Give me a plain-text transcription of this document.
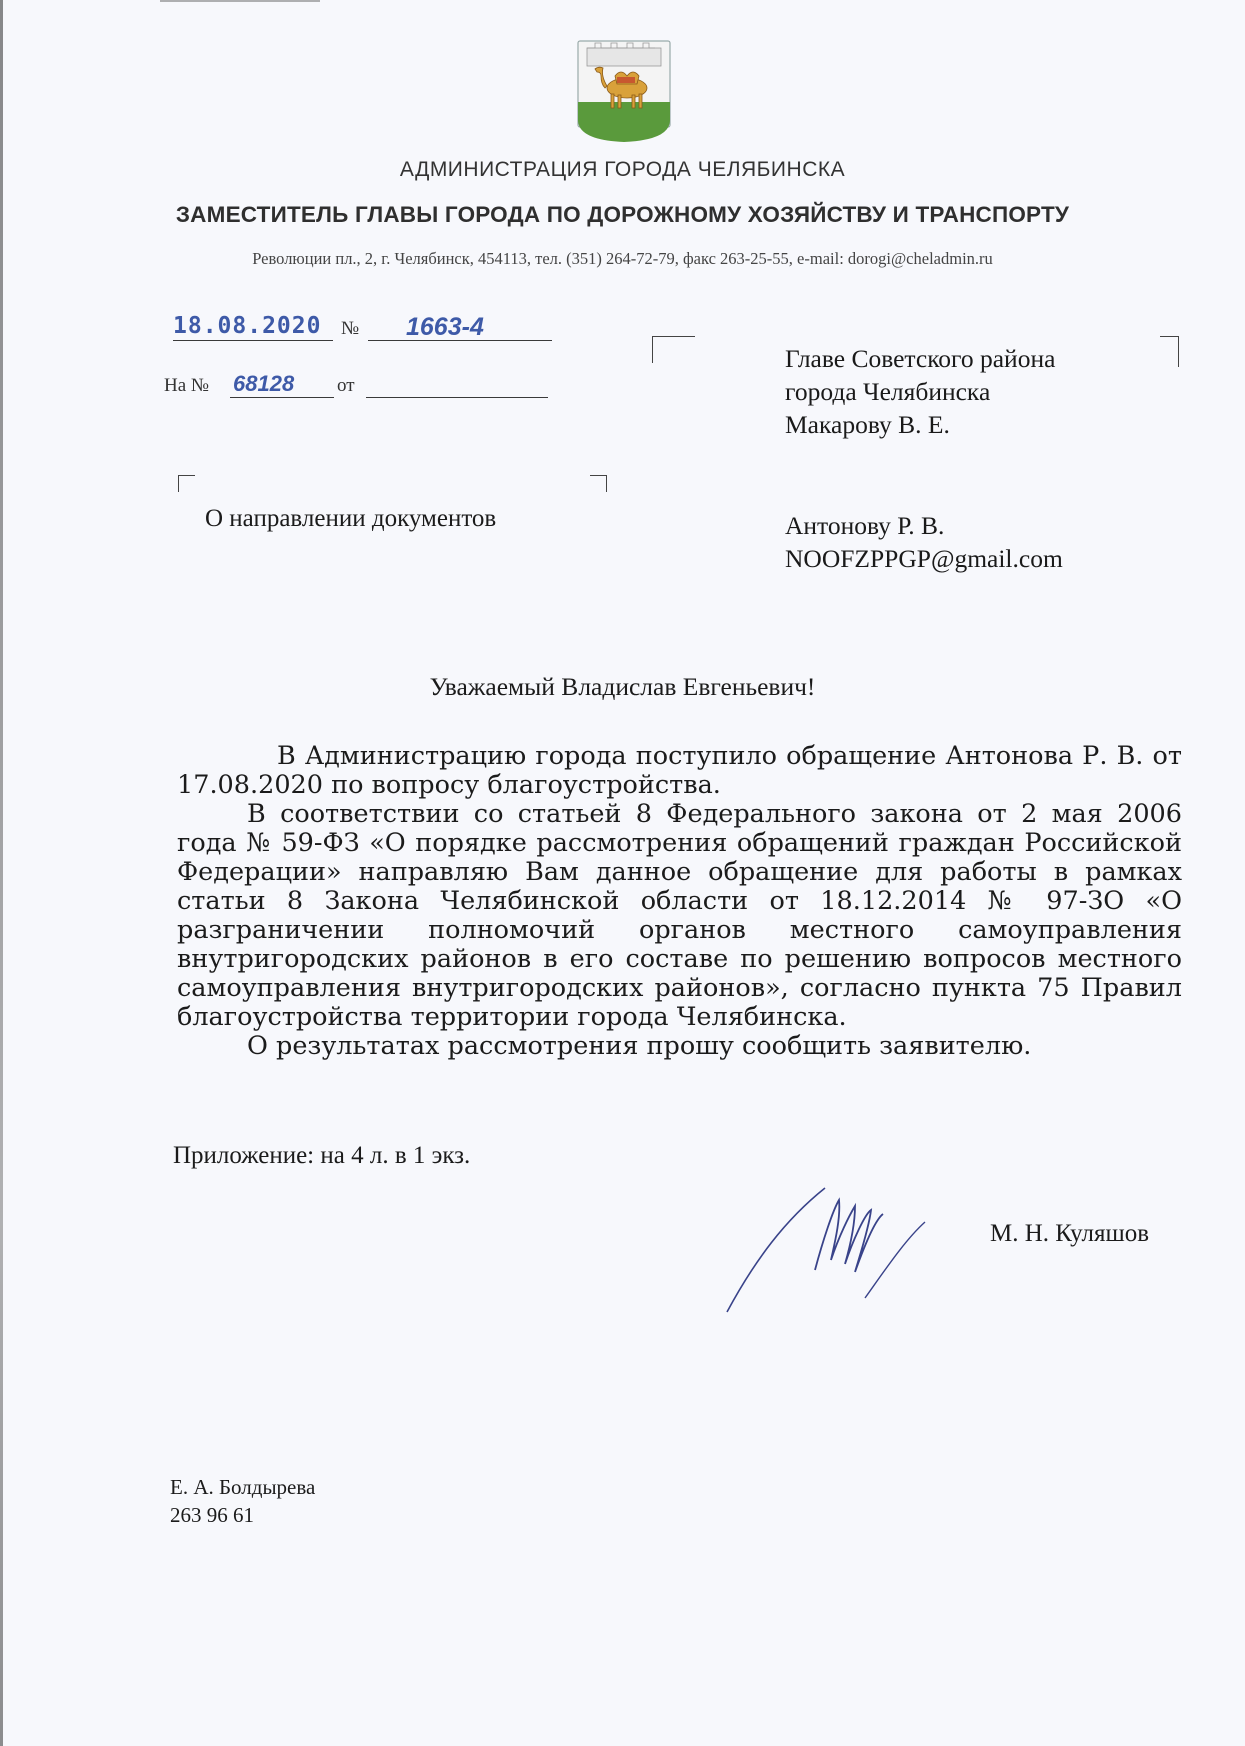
АДМИНИСТРАЦИЯ ГОРОДА ЧЕЛЯБИНСКА
ЗАМЕСТИТЕЛЬ ГЛАВЫ ГОРОДА ПО ДОРОЖНОМУ ХОЗЯЙСТВУ И ТРАНСПОРТУ
Революции пл., 2, г. Челябинск, 454113, тел. (351) 264-72-79, факс 263-25-55, e-mail: dorogi@cheladmin.ru
18.08.2020 № 1663-4
На № 68128 от
Главе Советского района
города Челябинска
Макарову В. Е.
О направлении документов	Антонову Р. В.
NOOFZPPGP@gmail.com
Уважаемый Владислав Евгеньевич!

В Администрацию города поступило обращение Антонова Р. В. от 17.08.2020 по вопросу благоустройства.

В соответствии со статьей 8 Федерального закона от 2 мая 2006 года № 59-ФЗ «О порядке рассмотрения обращений граждан Российской Федерации» направляю Вам данное обращение для работы в рамках статьи 8 Закона Челябинской области от 18.12.2014 № 97-ЗО «О разграничении полномочий органов местного самоуправления внутригородских районов в его составе по решению вопросов местного самоуправления внутригородских районов», согласно пункта 75 Правил благоустройства территории города Челябинска.

О результатах рассмотрения прошу сообщить заявителю.

Приложение: на 4 л. в 1 экз.
М. Н. Куляшов
Е. А. Болдырева
263 96 61
